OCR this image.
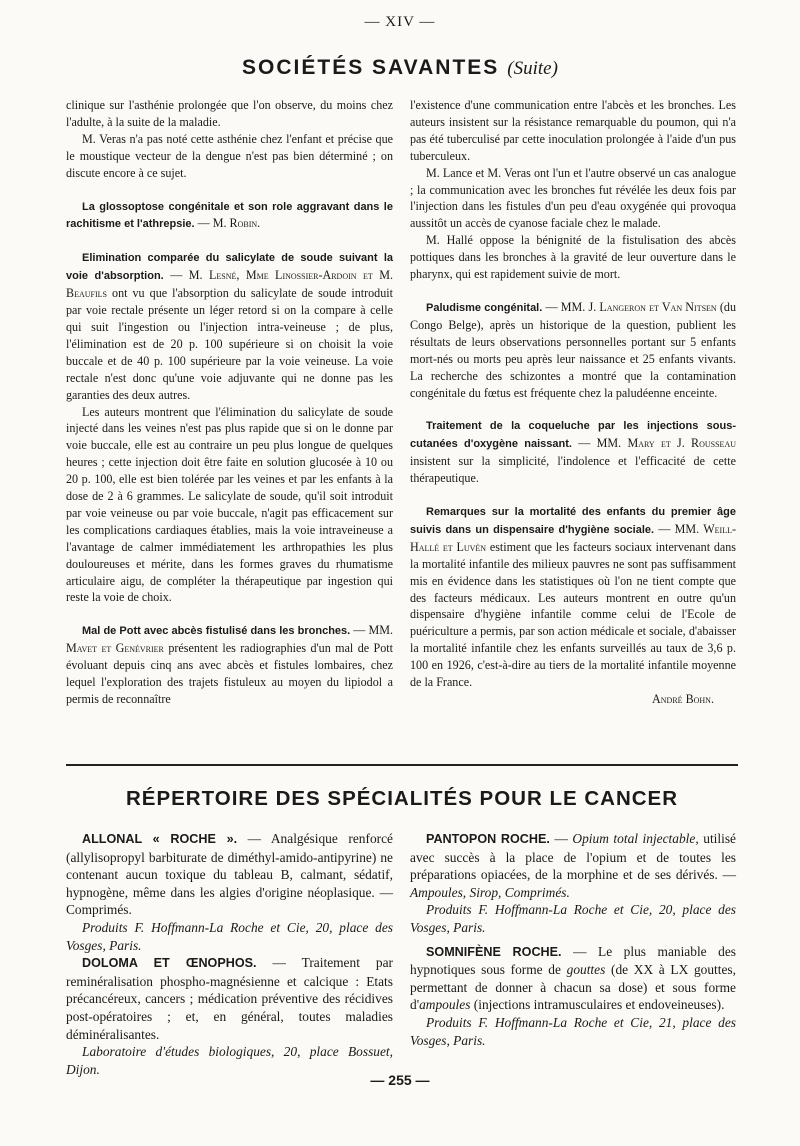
— XIV —
SOCIÉTÉS SAVANTES (Suite)

clinique sur l'asthénie prolongée que l'on observe, du moins chez l'adulte, à la suite de la maladie.

M. Veras n'a pas noté cette asthénie chez l'enfant et précise que le moustique vecteur de la dengue n'est pas bien déterminé ; on discute encore à ce sujet.

La glossoptose congénitale et son role aggravant dans le rachitisme et l'athrepsie. — M. Robin.

Elimination comparée du salicylate de soude suivant la voie d'absorption. — M. Lesné, Mme Linossier-Ardoin et M. Beaufils ont vu que l'absorption du salicylate de soude introduit par voie rectale présente un léger retord si on la compare à celle qui suit l'ingestion ou l'injection intra-veineuse ; de plus, l'élimination est de 20 p. 100 supérieure si on choisit la voie buccale et de 40 p. 100 supérieure par la voie veineuse. La voie rectale n'est donc qu'une voie adjuvante qui ne donne pas les garanties des deux autres.

Les auteurs montrent que l'élimination du salicylate de soude injecté dans les veines n'est pas plus rapide que si on le donne par voie buccale, elle est au contraire un peu plus longue de quelques heures ; cette injection doit être faite en solution glucosée à 10 ou 20 p. 100, elle est bien tolérée par les veines et par les enfants à la dose de 2 à 6 grammes. Le salicylate de soude, qu'il soit introduit par voie veineuse ou par voie buccale, n'agit pas efficacement sur les complications cardiaques établies, mais la voie intraveineuse a l'avantage de calmer immédiatement les arthropathies les plus douloureuses et mérite, dans les formes graves du rhumatisme articulaire aigu, de compléter la thérapeutique par ingestion qui reste la voie de choix.

Mal de Pott avec abcès fistulisé dans les bronches. — MM. Mavet et Genévrier présentent les radiographies d'un mal de Pott évoluant depuis cinq ans avec abcès et fistules lombaires, chez lequel l'exploration des trajets fistuleux au moyen du lipiodol a permis de reconnaître

l'existence d'une communication entre l'abcès et les bronches. Les auteurs insistent sur la résistance remarquable du poumon, qui n'a pas été tuberculisé par cette inoculation prolongée à l'aide d'un pus tuberculeux.

M. Lance et M. Veras ont l'un et l'autre observé un cas analogue ; la communication avec les bronches fut révélée les deux fois par l'injection dans les fistules d'un peu d'eau oxygénée qui provoqua aussitôt un accès de cyanose faciale chez le malade.

M. Hallé oppose la bénignité de la fistulisation des abcès pottiques dans les bronches à la gravité de leur ouverture dans le pharynx, qui est rapidement suivie de mort.

Paludisme congénital. — MM. J. Langeron et Van Nitsen (du Congo Belge), après un historique de la question, publient les résultats de leurs observations personnelles portant sur 5 enfants mort-nés ou morts peu après leur naissance et 25 enfants vivants. La recherche des schizontes a montré que la contamination congénitale du fœtus est fréquente chez la paludéenne enceinte.

Traitement de la coqueluche par les injections sous-cutanées d'oxygène naissant. — MM. Mary et J. Rousseau insistent sur la simplicité, l'indolence et l'efficacité de cette thérapeutique.

Remarques sur la mortalité des enfants du premier âge suivis dans un dispensaire d'hygiène sociale. — MM. Weill-Hallé et Luvèn estiment que les facteurs sociaux intervenant dans la mortalité infantile des milieux pauvres ne sont pas suffisamment mis en évidence dans les statistiques où l'on ne tient compte que des facteurs médicaux. Les auteurs montrent en outre qu'un dispensaire d'hygiène infantile comme celui de l'Ecole de puériculture a permis, par son action médicale et sociale, d'abaisser la mortalité infantile chez les enfants surveillés au taux de 3,6 p. 100 en 1926, c'est-à-dire au tiers de la mortalité infantile moyenne de la France.

André Bohn.
RÉPERTOIRE DES SPÉCIALITÉS POUR LE CANCER

ALLONAL « ROCHE ». — Analgésique renforcé (allylisopropyl barbiturate de diméthyl-amido-antipyrine) ne contenant aucun toxique du tableau B, calmant, sédatif, hypnogène, même dans les algies d'origine néoplasique. — Comprimés.

Produits F. Hoffmann-La Roche et Cie, 20, place des Vosges, Paris.

DOLOMA ET ŒNOPHOS. — Traitement par reminéralisation phospho-magnésienne et calcique : Etats précancéreux, cancers ; médication préventive des récidives post-opératoires ; et, en général, toutes maladies déminéralisantes.

Laboratoire d'études biologiques, 20, place Bossuet, Dijon.

PANTOPON ROCHE. — Opium total injectable, utilisé avec succès à la place de l'opium et de toutes les préparations opiacées, de la morphine et de ses dérivés. — Ampoules, Sirop, Comprimés.

Produits F. Hoffmann-La Roche et Cie, 20, place des Vosges, Paris.

SOMNIFÈNE ROCHE. — Le plus maniable des hypnotiques sous forme de gouttes (de XX à LX gouttes, permettant de donner à chacun sa dose) et sous forme d'ampoules (injections intramusculaires et endoveineuses).

Produits F. Hoffmann-La Roche et Cie, 21, place des Vosges, Paris.

— 255 —
